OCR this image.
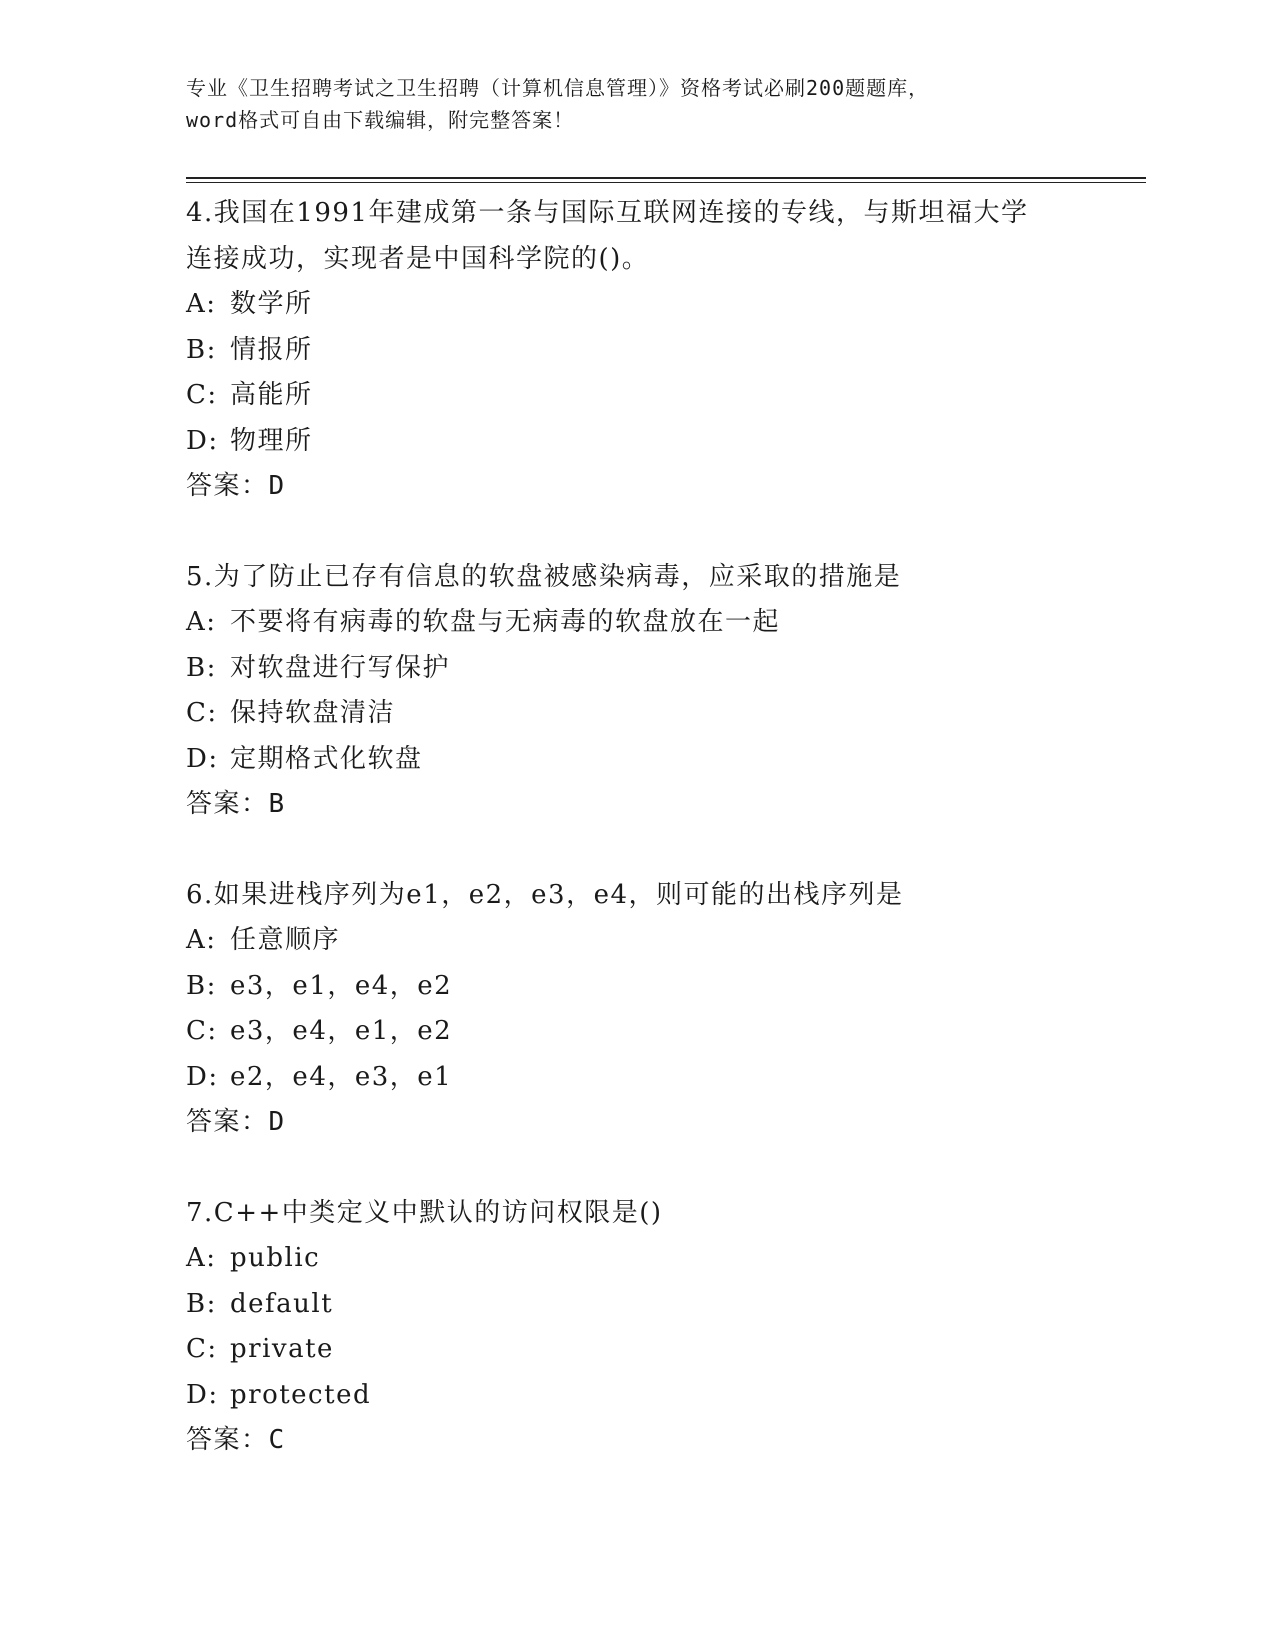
专业《卫生招聘考试之卫生招聘（计算机信息管理）》资格考试必刷200题题库，
word格式可自由下载编辑，附完整答案！
4.我国在1991年建成第一条与国际互联网连接的专线，与斯坦福大学
连接成功，实现者是中国科学院的()。
A: 数学所
B: 情报所
C: 高能所
D: 物理所
答案：D
5.为了防止已存有信息的软盘被感染病毒，应采取的措施是
A: 不要将有病毒的软盘与无病毒的软盘放在一起
B: 对软盘进行写保护
C: 保持软盘清洁
D: 定期格式化软盘
答案：B
6.如果进栈序列为e1，e2，e3，e4，则可能的出栈序列是
A: 任意顺序
B: e3，e1，e4，e2
C: e3，e4，e1，e2
D: e2，e4，e3，e1
答案：D
7.C++中类定义中默认的访问权限是()
A: public
B: default
C: private
D: protected
答案：C
